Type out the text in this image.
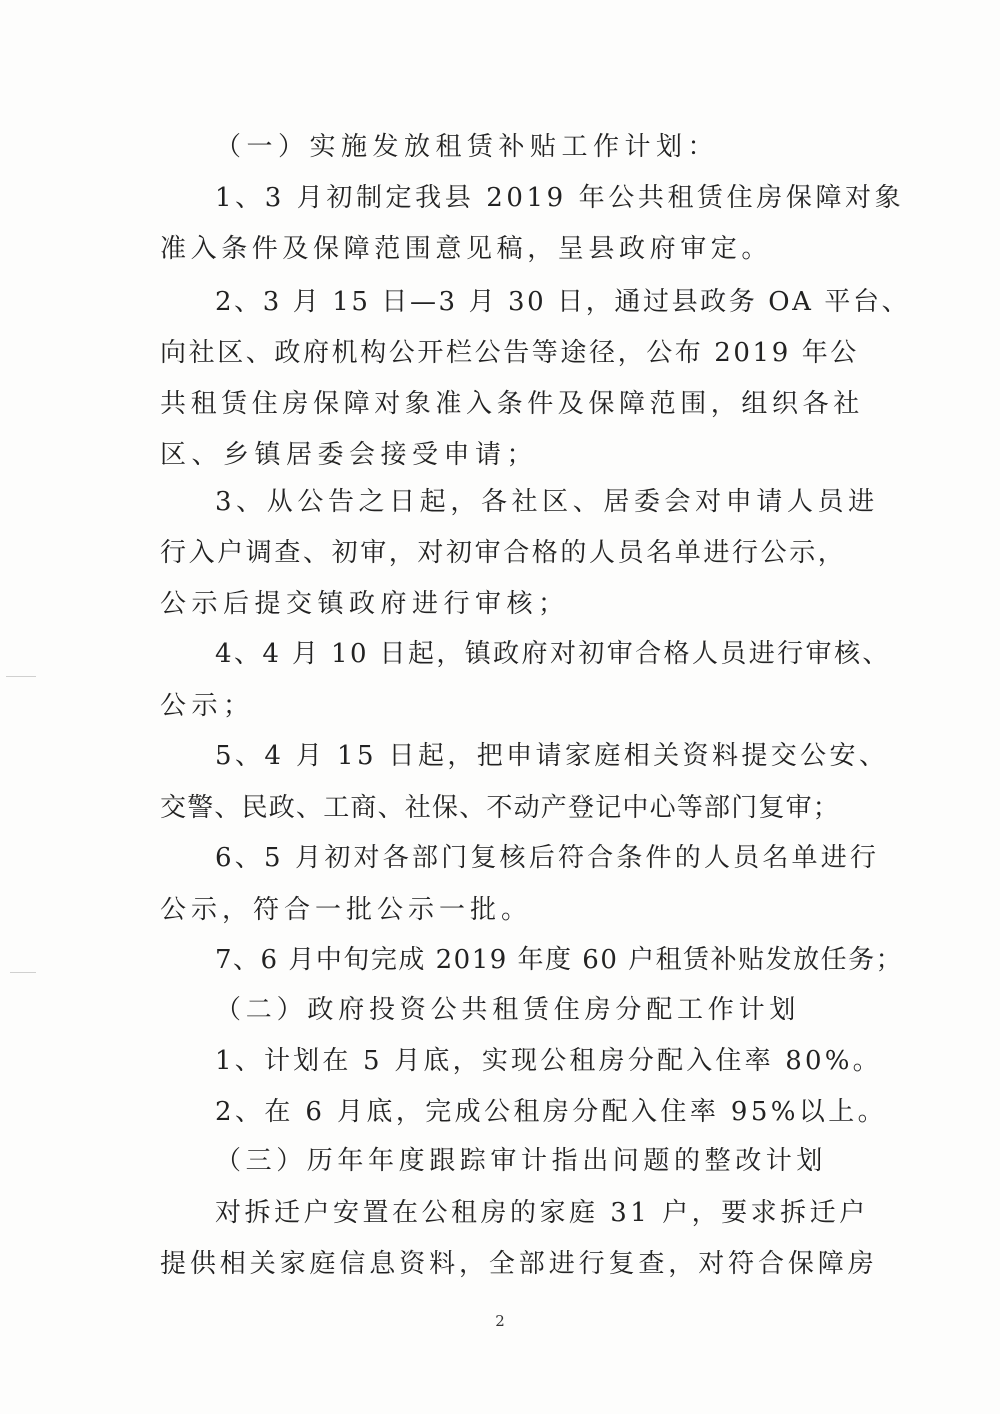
（一）实施发放租赁补贴工作计划：
1、3 月初制定我县 2019 年公共租赁住房保障对象
准入条件及保障范围意见稿，呈县政府审定。
2、3 月 15 日—3 月 30 日，通过县政务 OA 平台、
向社区、政府机构公开栏公告等途径，公布 2019 年公
共租赁住房保障对象准入条件及保障范围，组织各社
区、乡镇居委会接受申请；
3、从公告之日起，各社区、居委会对申请人员进
行入户调查、初审，对初审合格的人员名单进行公示，
公示后提交镇政府进行审核；
4、4 月 10 日起，镇政府对初审合格人员进行审核、
公示；
5、4 月 15 日起，把申请家庭相关资料提交公安、
交警、民政、工商、社保、不动产登记中心等部门复审；
6、5 月初对各部门复核后符合条件的人员名单进行
公示，符合一批公示一批。
7、6 月中旬完成 2019 年度 60 户租赁补贴发放任务；
（二）政府投资公共租赁住房分配工作计划
1、计划在 5 月底，实现公租房分配入住率 80%。
2、在 6 月底，完成公租房分配入住率 95%以上。
（三）历年年度跟踪审计指出问题的整改计划
对拆迁户安置在公租房的家庭 31 户，要求拆迁户
提供相关家庭信息资料，全部进行复查，对符合保障房
2
